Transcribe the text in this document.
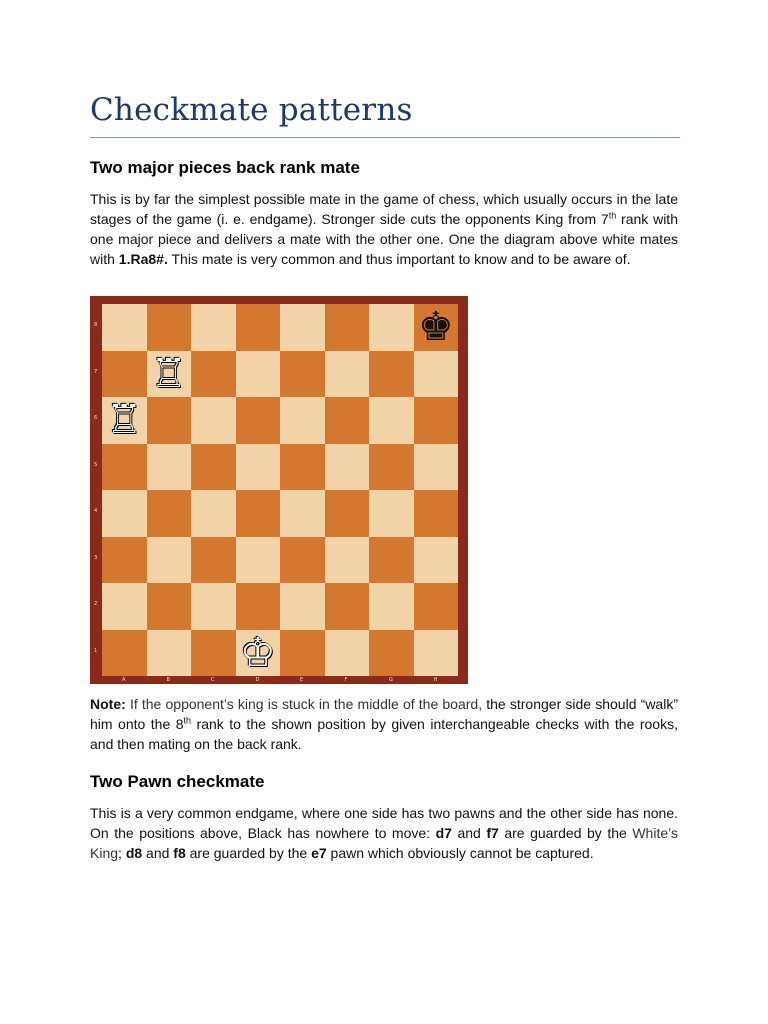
Checkmate patterns
Two major pieces back rank mate
This is by far the simplest possible mate in the game of chess, which usually occurs in the late stages of the game (i. e. endgame). Stronger side cuts the opponents King from 7th rank with one major piece and delivers a mate with the other one. One the diagram above white mates with 1.Ra8#. This mate is very common and thus important to know and to be aware of.
♚
♖
♖
♔
8
7
6
5
4
3
2
1
A	B	C	D	E	F	G	H
Note: If the opponent’s king is stuck in the middle of the board, the stronger side should “walk” him onto the 8th rank to the shown position by given interchangeable checks with the rooks, and then mating on the back rank.
Two Pawn checkmate
This is a very common endgame, where one side has two pawns and the other side has none. On the positions above, Black has nowhere to move: d7 and f7 are guarded by the White’s King; d8 and f8 are guarded by the e7 pawn which obviously cannot be captured.
